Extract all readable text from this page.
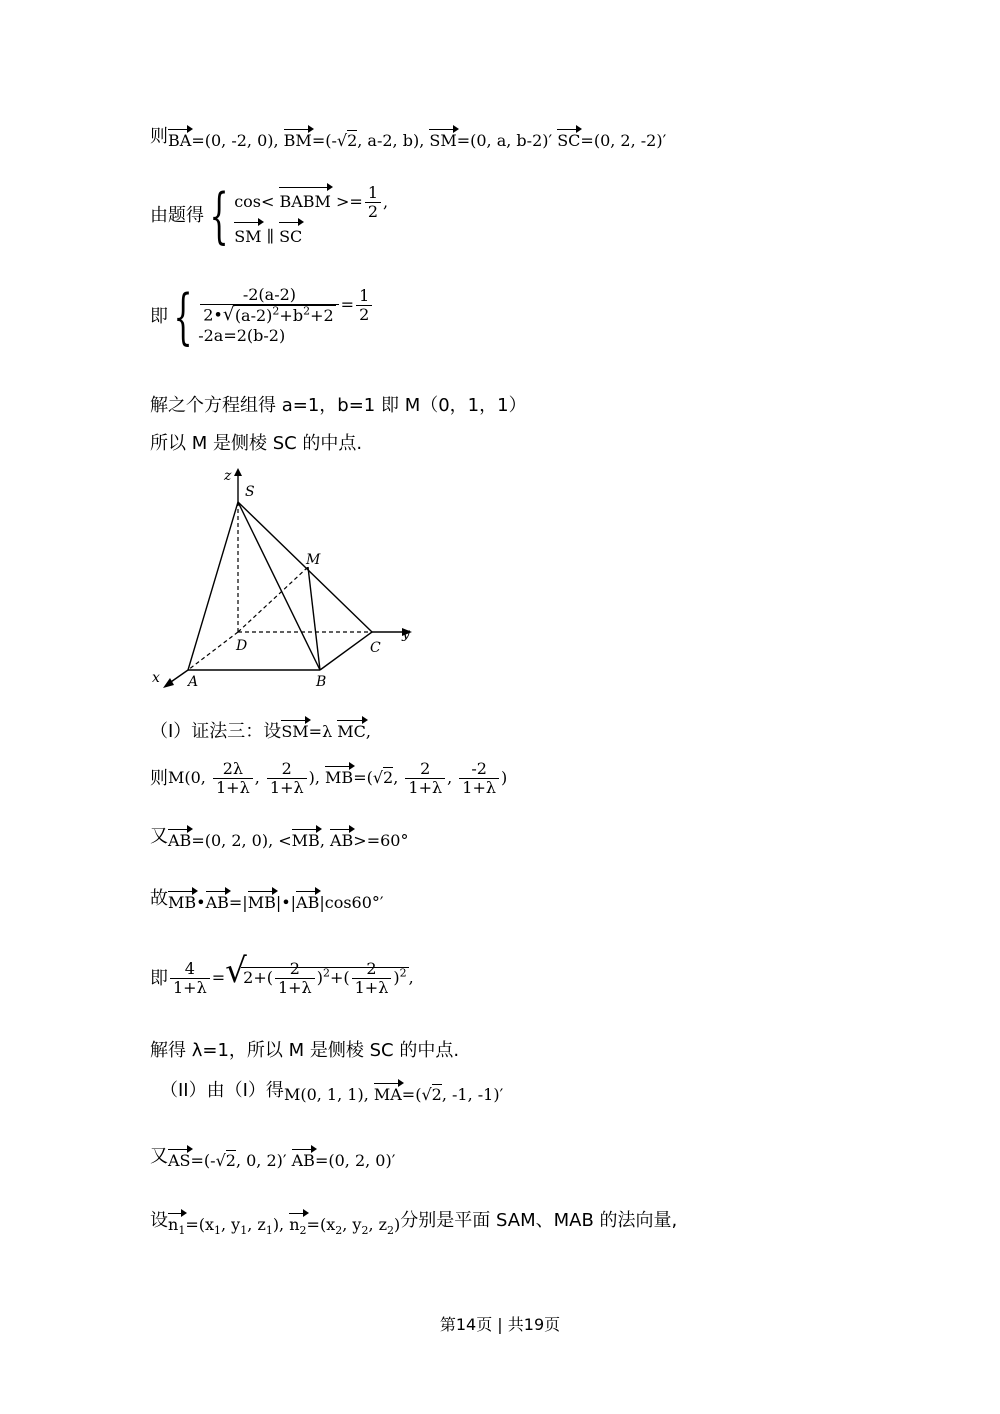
则BA=(0, -2, 0), BM=(-√2, a-2, b), SM=(0, a, b-2)′ SC=(0, 2, -2)′
由题得{ cos< BABM >= $\frac{1}{2}$ ,
SM ∥ SC
即{ $\frac{-2(a-2)}{2• √ (a-2)^2+b^2+2} = \frac{1}{2}$
-2a=2(b-2)
解之个方程组得 a=1，b=1 即 M（0，1，1）
所以 M 是侧棱 SC 的中点.
z
S
M
y
D	C
x A	B
（I）证法三：设SM=λ MC,
则M(0, $\frac{2\lambda}{1+\lambda}$ , $\frac{2}{1+\lambda}$ ), MB=(√2, $\frac{2}{1+\lambda}$ , $\frac{-2}{1+\lambda}$ )
又AB=(0, 2, 0), <MB, AB>=60°
故MB•AB=|MB|•|AB|cos60°′
即 $\frac{4}{1+\lambda}$ = √
$2+( \frac{2}{1+\lambda} )^2+( \frac{2}{1+\lambda} )^2$ ,
解得 λ=1，所以 M 是侧棱 SC 的中点.
（II）由（I）得M(0, 1, 1), MA=(√2, -1, -1)′
又AS=(-√2, 0, 2)′ AB=(0, 2, 0)′
设$n_1=(x_1$, $y_1$, $z_1$), $n_2=(x_2$, $y_2$, $z_2$)分别是平面 SAM、MAB 的法向量,
第14页 | 共19页
